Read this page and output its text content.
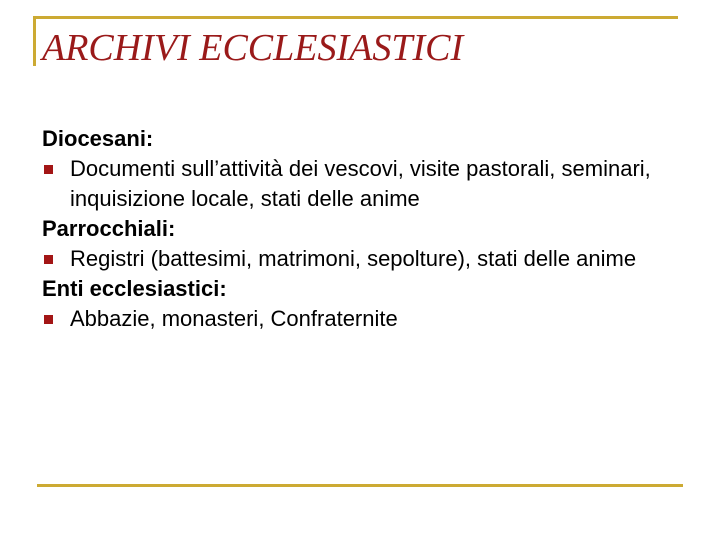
ARCHIVI ECCLESIASTICI
Diocesani:
Documenti sull’attività dei vescovi, visite pastorali, seminari, inquisizione locale, stati delle anime
Parrocchiali:
Registri (battesimi, matrimoni, sepolture), stati delle anime
Enti ecclesiastici:
Abbazie, monasteri, Confraternite
